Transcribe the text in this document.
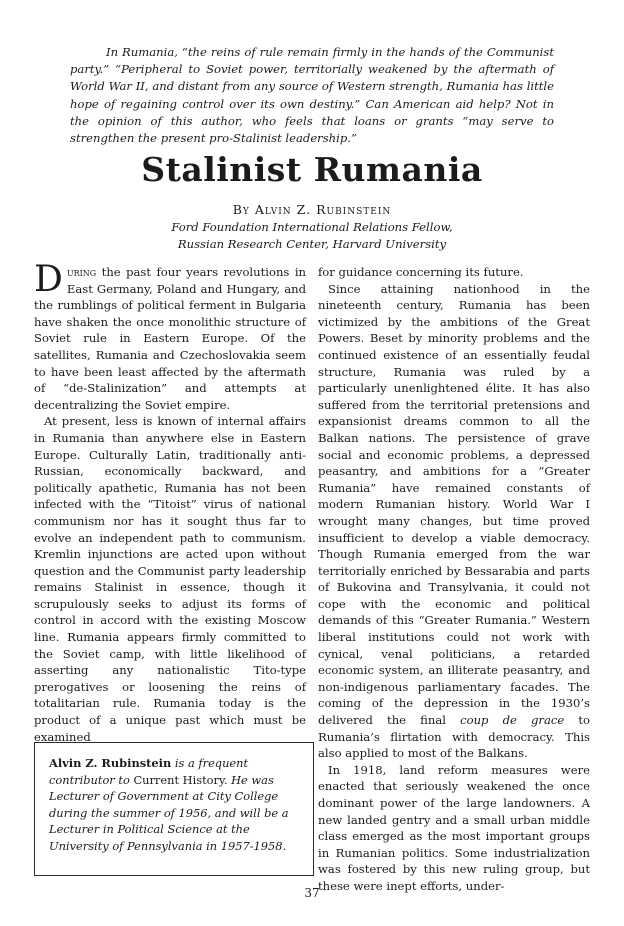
In Rumania, “the reins of rule remain firmly in the hands of the Communist party.” “Peripheral to Soviet power, territorially weakened by the aftermath of World War II, and distant from any source of Western strength, Rumania has little hope of regaining control over its own destiny.” Can American aid help? Not in the opinion of this author, who feels that loans or grants “may serve to strengthen the present pro-Stalinist leadership.”

Stalinist Rumania
By Alvin Z. Rubinstein
Ford Foundation International Relations Fellow,
Russian Research Center, Harvard University

During the past four years revolutions in East Germany, Poland and Hungary, and the rumblings of political ferment in Bulgaria have shaken the once monolithic structure of Soviet rule in Eastern Europe. Of the satellites, Rumania and Czechoslovakia seem to have been least affected by the aftermath of “de-Stalinization” and attempts at decentralizing the Soviet empire.

At present, less is known of internal affairs in Rumania than anywhere else in Eastern Europe. Culturally Latin, traditionally anti-Russian, economically backward, and politically apathetic, Rumania has not been infected with the “Titoist” virus of national communism nor has it sought thus far to evolve an independent path to communism. Kremlin injunctions are acted upon without question and the Communist party leadership remains Stalinist in essence, though it scrupulously seeks to adjust its forms of control in accord with the existing Moscow line. Rumania appears firmly committed to the Soviet camp, with little likelihood of asserting any nationalistic Tito-type prerogatives or loosening the reins of totalitarian rule. Rumania today is the product of a unique past which must be examined

Alvin Z. Rubinstein is a frequent contributor to Current History. He was Lecturer of Government at City College during the summer of 1956, and will be a Lecturer in Political Science at the University of Pennsylvania in 1957-1958.

for guidance concerning its future.

Since attaining nationhood in the nineteenth century, Rumania has been victimized by the ambitions of the Great Powers. Beset by minority problems and the continued existence of an essentially feudal structure, Rumania was ruled by a particularly unenlightened élite. It has also suffered from the territorial pretensions and expansionist dreams common to all the Balkan nations. The persistence of grave social and economic problems, a depressed peasantry, and ambitions for a “Greater Rumania” have remained constants of modern Rumanian history. World War I wrought many changes, but time proved insufficient to develop a viable democracy. Though Rumania emerged from the war territorially enriched by Bessarabia and parts of Bukovina and Transylvania, it could not cope with the economic and political demands of this “Greater Rumania.” Western liberal institutions could not work with cynical, venal politicians, a retarded economic system, an illiterate peasantry, and non-indigenous parliamentary facades. The coming of the depression in the 1930’s delivered the final coup de grace to Rumania’s flirtation with democracy. This also applied to most of the Balkans.

In 1918, land reform measures were enacted that seriously weakened the once dominant power of the large landowners. A new landed gentry and a small urban middle class emerged as the most important groups in Rumanian politics. Some industrialization was fostered by this new ruling group, but these were inept efforts, under-

37
